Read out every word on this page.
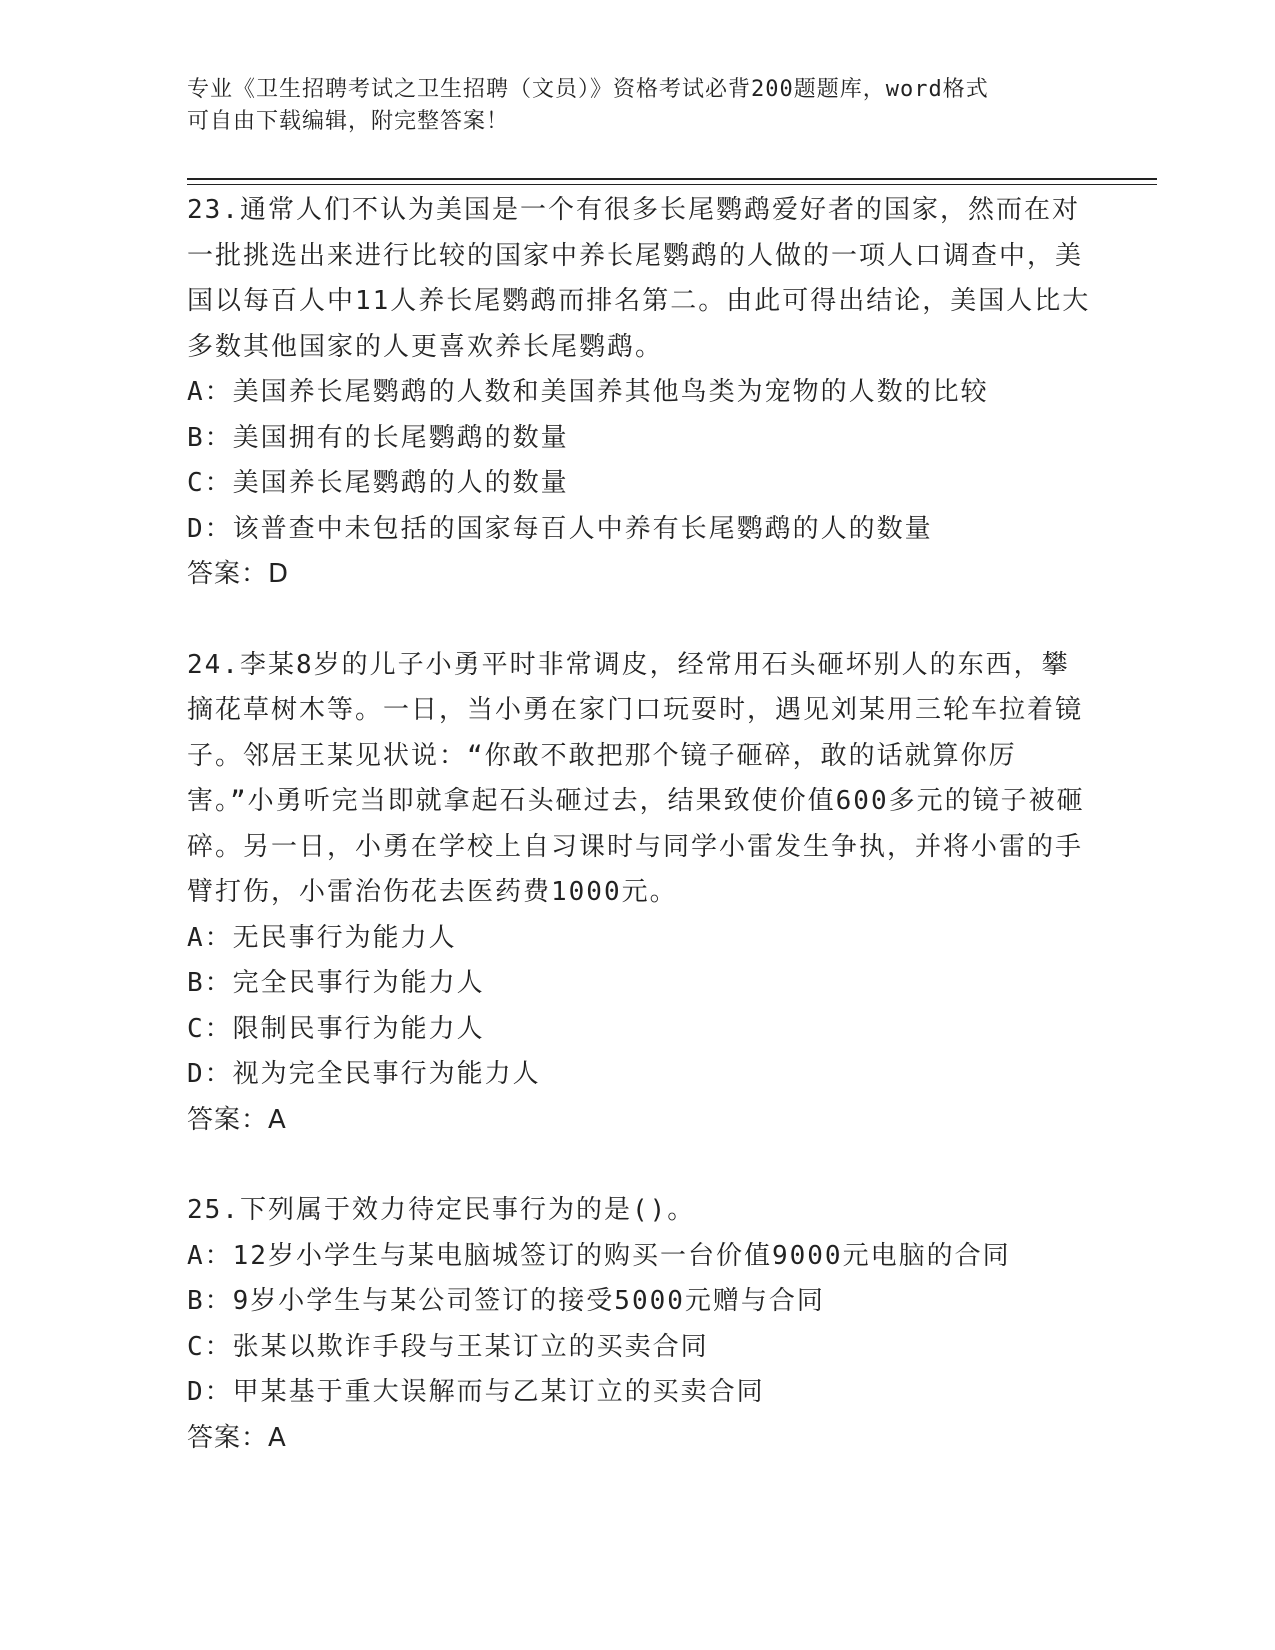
专业《卫生招聘考试之卫生招聘（文员）》资格考试必背200题题库，word格式
可自由下载编辑，附完整答案！

23.通常人们不认为美国是一个有很多长尾鹦鹉爱好者的国家，然而在对一批挑选出来进行比较的国家中养长尾鹦鹉的人做的一项人口调查中，美国以每百人中11人养长尾鹦鹉而排名第二。由此可得出结论，美国人比大多数其他国家的人更喜欢养长尾鹦鹉。

A：美国养长尾鹦鹉的人数和美国养其他鸟类为宠物的人数的比较

B：美国拥有的长尾鹦鹉的数量

C：美国养长尾鹦鹉的人的数量

D：该普查中未包括的国家每百人中养有长尾鹦鹉的人的数量

答案：D

24.李某8岁的儿子小勇平时非常调皮，经常用石头砸坏别人的东西，攀摘花草树木等。一日，当小勇在家门口玩耍时，遇见刘某用三轮车拉着镜子。邻居王某见状说：“你敢不敢把那个镜子砸碎，敢的话就算你厉害。”小勇听完当即就拿起石头砸过去，结果致使价值600多元的镜子被砸碎。另一日，小勇在学校上自习课时与同学小雷发生争执，并将小雷的手臂打伤，小雷治伤花去医药费1000元。

A：无民事行为能力人

B：完全民事行为能力人

C：限制民事行为能力人

D：视为完全民事行为能力人

答案：A

25.下列属于效力待定民事行为的是()。

A：12岁小学生与某电脑城签订的购买一台价值9000元电脑的合同

B：9岁小学生与某公司签订的接受5000元赠与合同

C：张某以欺诈手段与王某订立的买卖合同

D：甲某基于重大误解而与乙某订立的买卖合同

答案：A
